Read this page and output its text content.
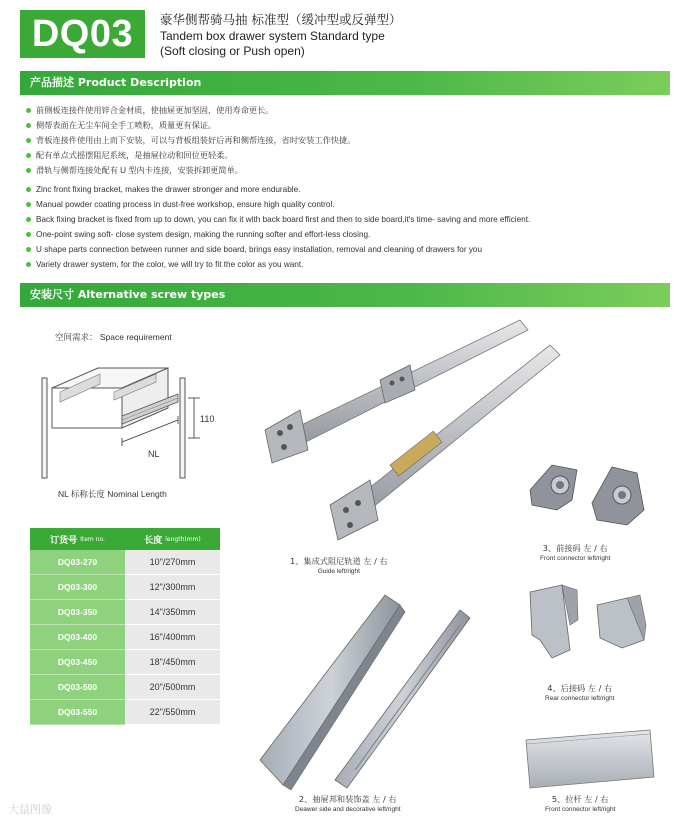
DQ03	豪华侧帮骑马抽 标准型（缓冲型或反弹型）
Tandem box drawer system Standard type
(Soft closing or Push open)
产品描述 Product Description
前侧板连接件使用锌合金材质，使抽屉更加坚固，使用寿命更长。
侧帮表面在无尘车间全手工喷粉，质量更有保证。
背板连接件使用由上而下安装，可以与背板组装好后再和侧帮连接，省时安装工作快捷。
配有单点式摇摆阻尼系统，是抽屉拉动和回位更轻柔。
滑轨与侧帮连接处配有 U 型内卡连接，安装拆卸更简单。
Zinc front fixing bracket, makes the drawer stronger and more endurable.
Manual powder coating process in dust-free workshop, ensure high quality control.
Back fixing bracket is fixed from up to down, you can fix it with back board first and then to side board,it's time- saving and more efficient.
One-point swing soft- close system design, making the running softer and effort-less closing.
U shape parts connection between runner and side board, brings easy installation, removal and cleaning of drawers for you
Variety drawer system, for the color, we will try to fit the color as you want.
安装尺寸 Alternative screw types
空间需求： Space requirement
110
NL
NL 标称长度 Nominal Length
订货号 Item no.	长度 length(mm)
DQ03-270	10"/270mm
DQ03-300	12"/300mm
DQ03-350	14"/350mm
DQ03-400	16"/400mm
DQ03-450	18"/450mm
DQ03-500	20"/500mm
DQ03-550	22"/550mm
1、集成式阻尼轨道 左 / 右
Guide left/right
3、前接码 左 / 右
Front connector left/right
2、抽屉邦和装饰盖 左 / 右
Deawer side and decorative left/right
4、后接码 左 / 右
Rear connector left/right
5、拉杆 左 / 右
Front connector left/right
大鼠图像
